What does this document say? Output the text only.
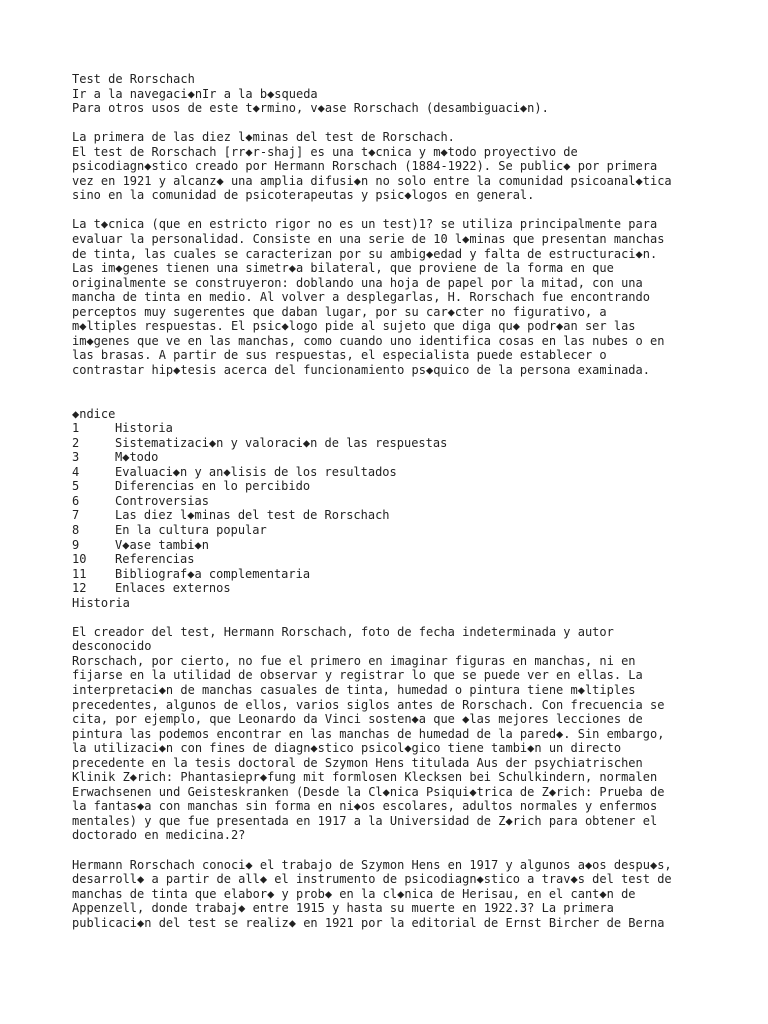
Test de Rorschach
Ir a la navegaci◆nIr a la b◆squeda
Para otros usos de este t◆rmino, v◆ase Rorschach (desambiguaci◆n).
La primera de las diez l◆minas del test de Rorschach.
El test de Rorschach [rr◆r-shaj] es una t◆cnica y m◆todo proyectivo de
psicodiagn◆stico creado por Hermann Rorschach (1884-1922). Se public◆ por primera
vez en 1921 y alcanz◆ una amplia difusi◆n no solo entre la comunidad psicoanal◆tica
sino en la comunidad de psicoterapeutas y psic◆logos en general.
La t◆cnica (que en estricto rigor no es un test)1? se utiliza principalmente para
evaluar la personalidad. Consiste en una serie de 10 l◆minas que presentan manchas
de tinta, las cuales se caracterizan por su ambig◆edad y falta de estructuraci◆n.
Las im◆genes tienen una simetr◆a bilateral, que proviene de la forma en que
originalmente se construyeron: doblando una hoja de papel por la mitad, con una
mancha de tinta en medio. Al volver a desplegarlas, H. Rorschach fue encontrando
perceptos muy sugerentes que daban lugar, por su car◆cter no figurativo, a
m◆ltiples respuestas. El psic◆logo pide al sujeto que diga qu◆ podr◆an ser las
im◆genes que ve en las manchas, como cuando uno identifica cosas en las nubes o en
las brasas. A partir de sus respuestas, el especialista puede establecer o
contrastar hip◆tesis acerca del funcionamiento ps◆quico de la persona examinada.
◆ndice
1	Historia
2	Sistematizaci◆n y valoraci◆n de las respuestas
3	M◆todo
4	Evaluaci◆n y an◆lisis de los resultados
5	Diferencias en lo percibido
6	Controversias
7	Las diez l◆minas del test de Rorschach
8	En la cultura popular
9	V◆ase tambi◆n
10	Referencias
11	Bibliograf◆a complementaria
12	Enlaces externos
Historia
El creador del test, Hermann Rorschach, foto de fecha indeterminada y autor
desconocido
Rorschach, por cierto, no fue el primero en imaginar figuras en manchas, ni en
fijarse en la utilidad de observar y registrar lo que se puede ver en ellas. La
interpretaci◆n de manchas casuales de tinta, humedad o pintura tiene m◆ltiples
precedentes, algunos de ellos, varios siglos antes de Rorschach. Con frecuencia se
cita, por ejemplo, que Leonardo da Vinci sosten◆a que ◆las mejores lecciones de
pintura las podemos encontrar en las manchas de humedad de la pared◆. Sin embargo,
la utilizaci◆n con fines de diagn◆stico psicol◆gico tiene tambi◆n un directo
precedente en la tesis doctoral de Szymon Hens titulada Aus der psychiatrischen
Klinik Z◆rich: Phantasiepr◆fung mit formlosen Klecksen bei Schulkindern, normalen
Erwachsenen und Geisteskranken (Desde la Cl◆nica Psiqui◆trica de Z◆rich: Prueba de
la fantas◆a con manchas sin forma en ni◆os escolares, adultos normales y enfermos
mentales) y que fue presentada en 1917 a la Universidad de Z◆rich para obtener el
doctorado en medicina.2?
Hermann Rorschach conoci◆ el trabajo de Szymon Hens en 1917 y algunos a◆os despu◆s,
desarroll◆ a partir de all◆ el instrumento de psicodiagn◆stico a trav◆s del test de
manchas de tinta que elabor◆ y prob◆ en la cl◆nica de Herisau, en el cant◆n de
Appenzell, donde trabaj◆ entre 1915 y hasta su muerte en 1922.3? La primera
publicaci◆n del test se realiz◆ en 1921 por la editorial de Ernst Bircher de Berna
